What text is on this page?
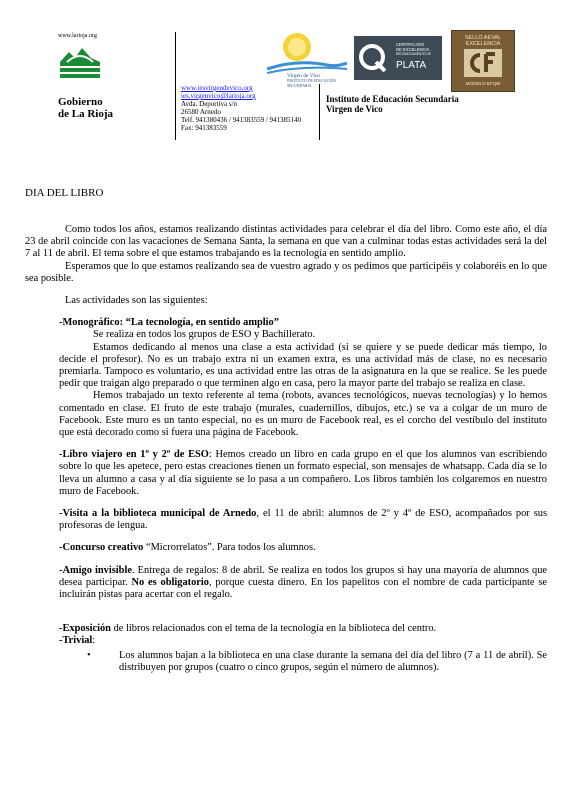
www.larioja.org
Gobierno
de La Rioja
www.iesvirgendevico.org
ies.virgenvico@larioja.org
Avda. Deportiva s/n
26580 Arnedo
Telf. 941380436 / 941383559 / 941385140
Fax: 941383559
Virgen de Vico
INSTITUTO DE EDUCACIÓN SECUNDARIA
Instituto de Educación Secundaria
Virgen de Vico
CERTIFICADO
DE EXCELENCIA
RECONOCIMIENTO DE
PLATA
SELLO AEVAL
EXCELENCIA
MODELO EFQM
DIA DEL LIBRO

Como todos los años, estamos realizando distintas actividades para celebrar el día del libro. Como este año, el día 23 de abril coincide con las vacaciones de Semana Santa, la semana en que van a culminar todas estas actividades será la del 7 al 11 de abril. El tema sobre el que estamos trabajando es la tecnología en sentido amplio.

Esperamos que lo que estamos realizando sea de vuestro agrado y os pedimos que participéis y colaboréis en lo que sea posible.

Las actividades son las siguientes:

-Monográfico: “La tecnología, en sentido amplio”

Se realiza en todos los grupos de ESO y Bachillerato.

Estamos dedicando al menos una clase a esta actividad (si se quiere y se puede dedicar más tiempo, lo decide el profesor). No es un trabajo extra ni un examen extra, es una actividad más de clase, no es necesario premiarla. Tampoco es voluntario, es una actividad entre las otras de la asignatura en la que se realice. Se les puede pedir que traigan algo preparado o que terminen algo en casa, pero la mayor parte del trabajo se realiza en clase.

Hemos trabajado un texto referente al tema (robots, avances tecnológicos, nuevas tecnologías) y lo hemos comentado en clase. El fruto de este trabajo (murales, cuadernillos, dibujos, etc.) se va a colgar de un muro de Facebook. Este muro es un tanto especial, no es un muro de Facebook real, es el corcho del vestíbulo del instituto que está decorado como si fuera una página de Facebook.

-Libro viajero en 1º y 2º de ESO: Hemos creado un libro en cada grupo en el que los alumnos van escribiendo sobre lo que les apetece, pero estas creaciones tienen un formato especial, son mensajes de whatsapp. Cada día se lo lleva un alumno a casa y al día siguiente se lo pasa a un compañero. Los libros también los colgaremos en nuestro muro de Facebook.

-Visita a la biblioteca municipal de Arnedo, el 11 de abril: alumnos de 2º y 4º de ESO, acompañados por sus profesoras de lengua.

-Concurso creativo “Microrrelatos”. Para todos los alumnos.

-Amigo invisible. Entrega de regalos: 8 de abril. Se realiza en todos los grupos si hay una mayoría de alumnos que desea participar. No es obligatorio, porque cuesta dinero. En los papelitos con el nombre de cada participante se incluirán pistas para acertar con el regalo.

-Exposición de libros relacionados con el tema de la tecnología en la biblioteca del centro.

-Trivial:

•	Los alumnos bajan a la biblioteca en una clase durante la semana del día del libro (7 a 11 de abril). Se distribuyen por grupos (cuatro o cinco grupos, según el número de alumnos).
